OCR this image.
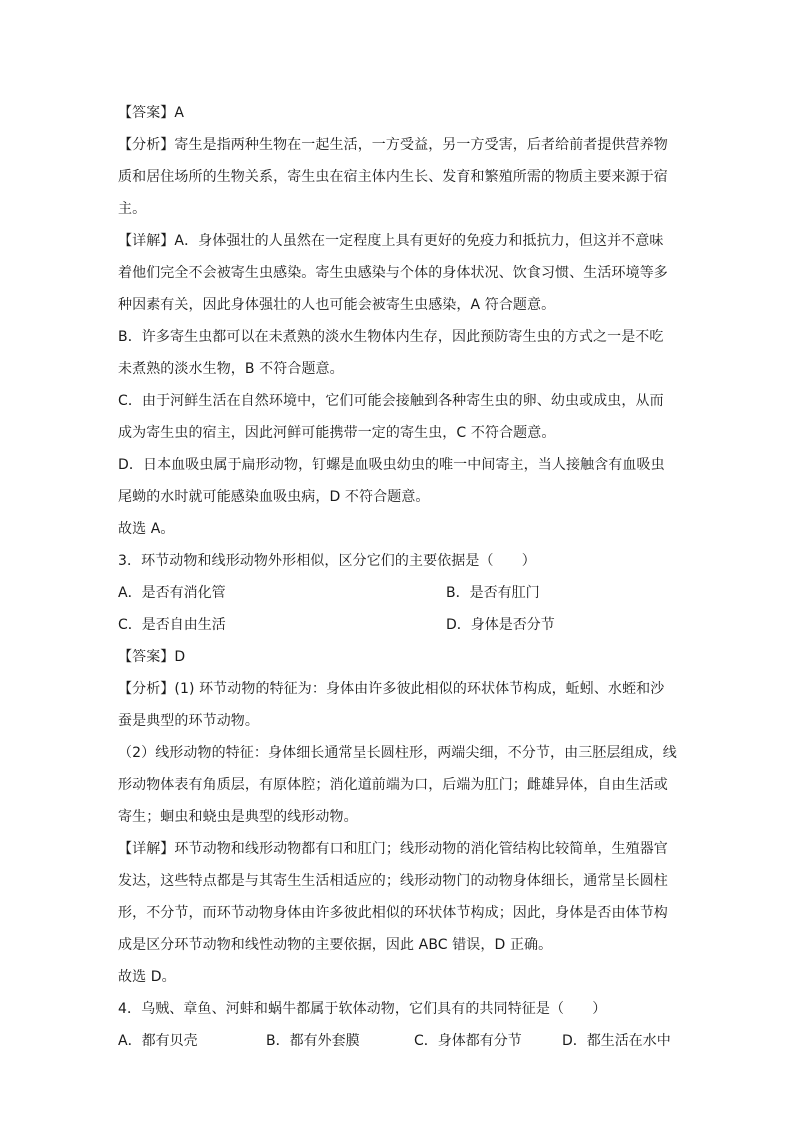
【答案】A
【分析】寄生是指两种生物在一起生活，一方受益，另一方受害，后者给前者提供营养物
质和居住场所的生物关系，寄生虫在宿主体内生长、发育和繁殖所需的物质主要来源于宿
主。
【详解】A．身体强壮的人虽然在一定程度上具有更好的免疫力和抵抗力，但这并不意味
着他们完全不会被寄生虫感染。寄生虫感染与个体的身体状况、饮食习惯、生活环境等多
种因素有关，因此身体强壮的人也可能会被寄生虫感染，A 符合题意。
B．许多寄生虫都可以在未煮熟的淡水生物体内生存，因此预防寄生虫的方式之一是不吃
未煮熟的淡水生物，B 不符合题意。
C．由于河鲜生活在自然环境中，它们可能会接触到各种寄生虫的卵、幼虫或成虫，从而
成为寄生虫的宿主，因此河鲜可能携带一定的寄生虫，C 不符合题意。
D．日本血吸虫属于扁形动物，钉螺是血吸虫幼虫的唯一中间寄主，当人接触含有血吸虫
尾蚴的水时就可能感染血吸虫病，D 不符合题意。
故选 A。
3．环节动物和线形动物外形相似，区分它们的主要依据是（　　）
A．是否有消化管	B．是否有肛门
C．是否自由生活	D．身体是否分节
【答案】D
【分析】(1) 环节动物的特征为：身体由许多彼此相似的环状体节构成，蚯蚓、水蛭和沙
蚕是典型的环节动物。
（2）线形动物的特征：身体细长通常呈长圆柱形，两端尖细，不分节，由三胚层组成，线
形动物体表有角质层，有原体腔；消化道前端为口，后端为肛门；雌雄异体，自由生活或
寄生；蛔虫和蛲虫是典型的线形动物。
【详解】环节动物和线形动物都有口和肛门；线形动物的消化管结构比较简单，生殖器官
发达，这些特点都是与其寄生生活相适应的；线形动物门的动物身体细长，通常呈长圆柱
形，不分节，而环节动物身体由许多彼此相似的环状体节构成；因此，身体是否由体节构
成是区分环节动物和线性动物的主要依据，因此 ABC 错误，D 正确。
故选 D。
4．乌贼、章鱼、河蚌和蜗牛都属于软体动物，它们具有的共同特征是（　　）
A．都有贝壳	B．都有外套膜	C．身体都有分节	D．都生活在水中
